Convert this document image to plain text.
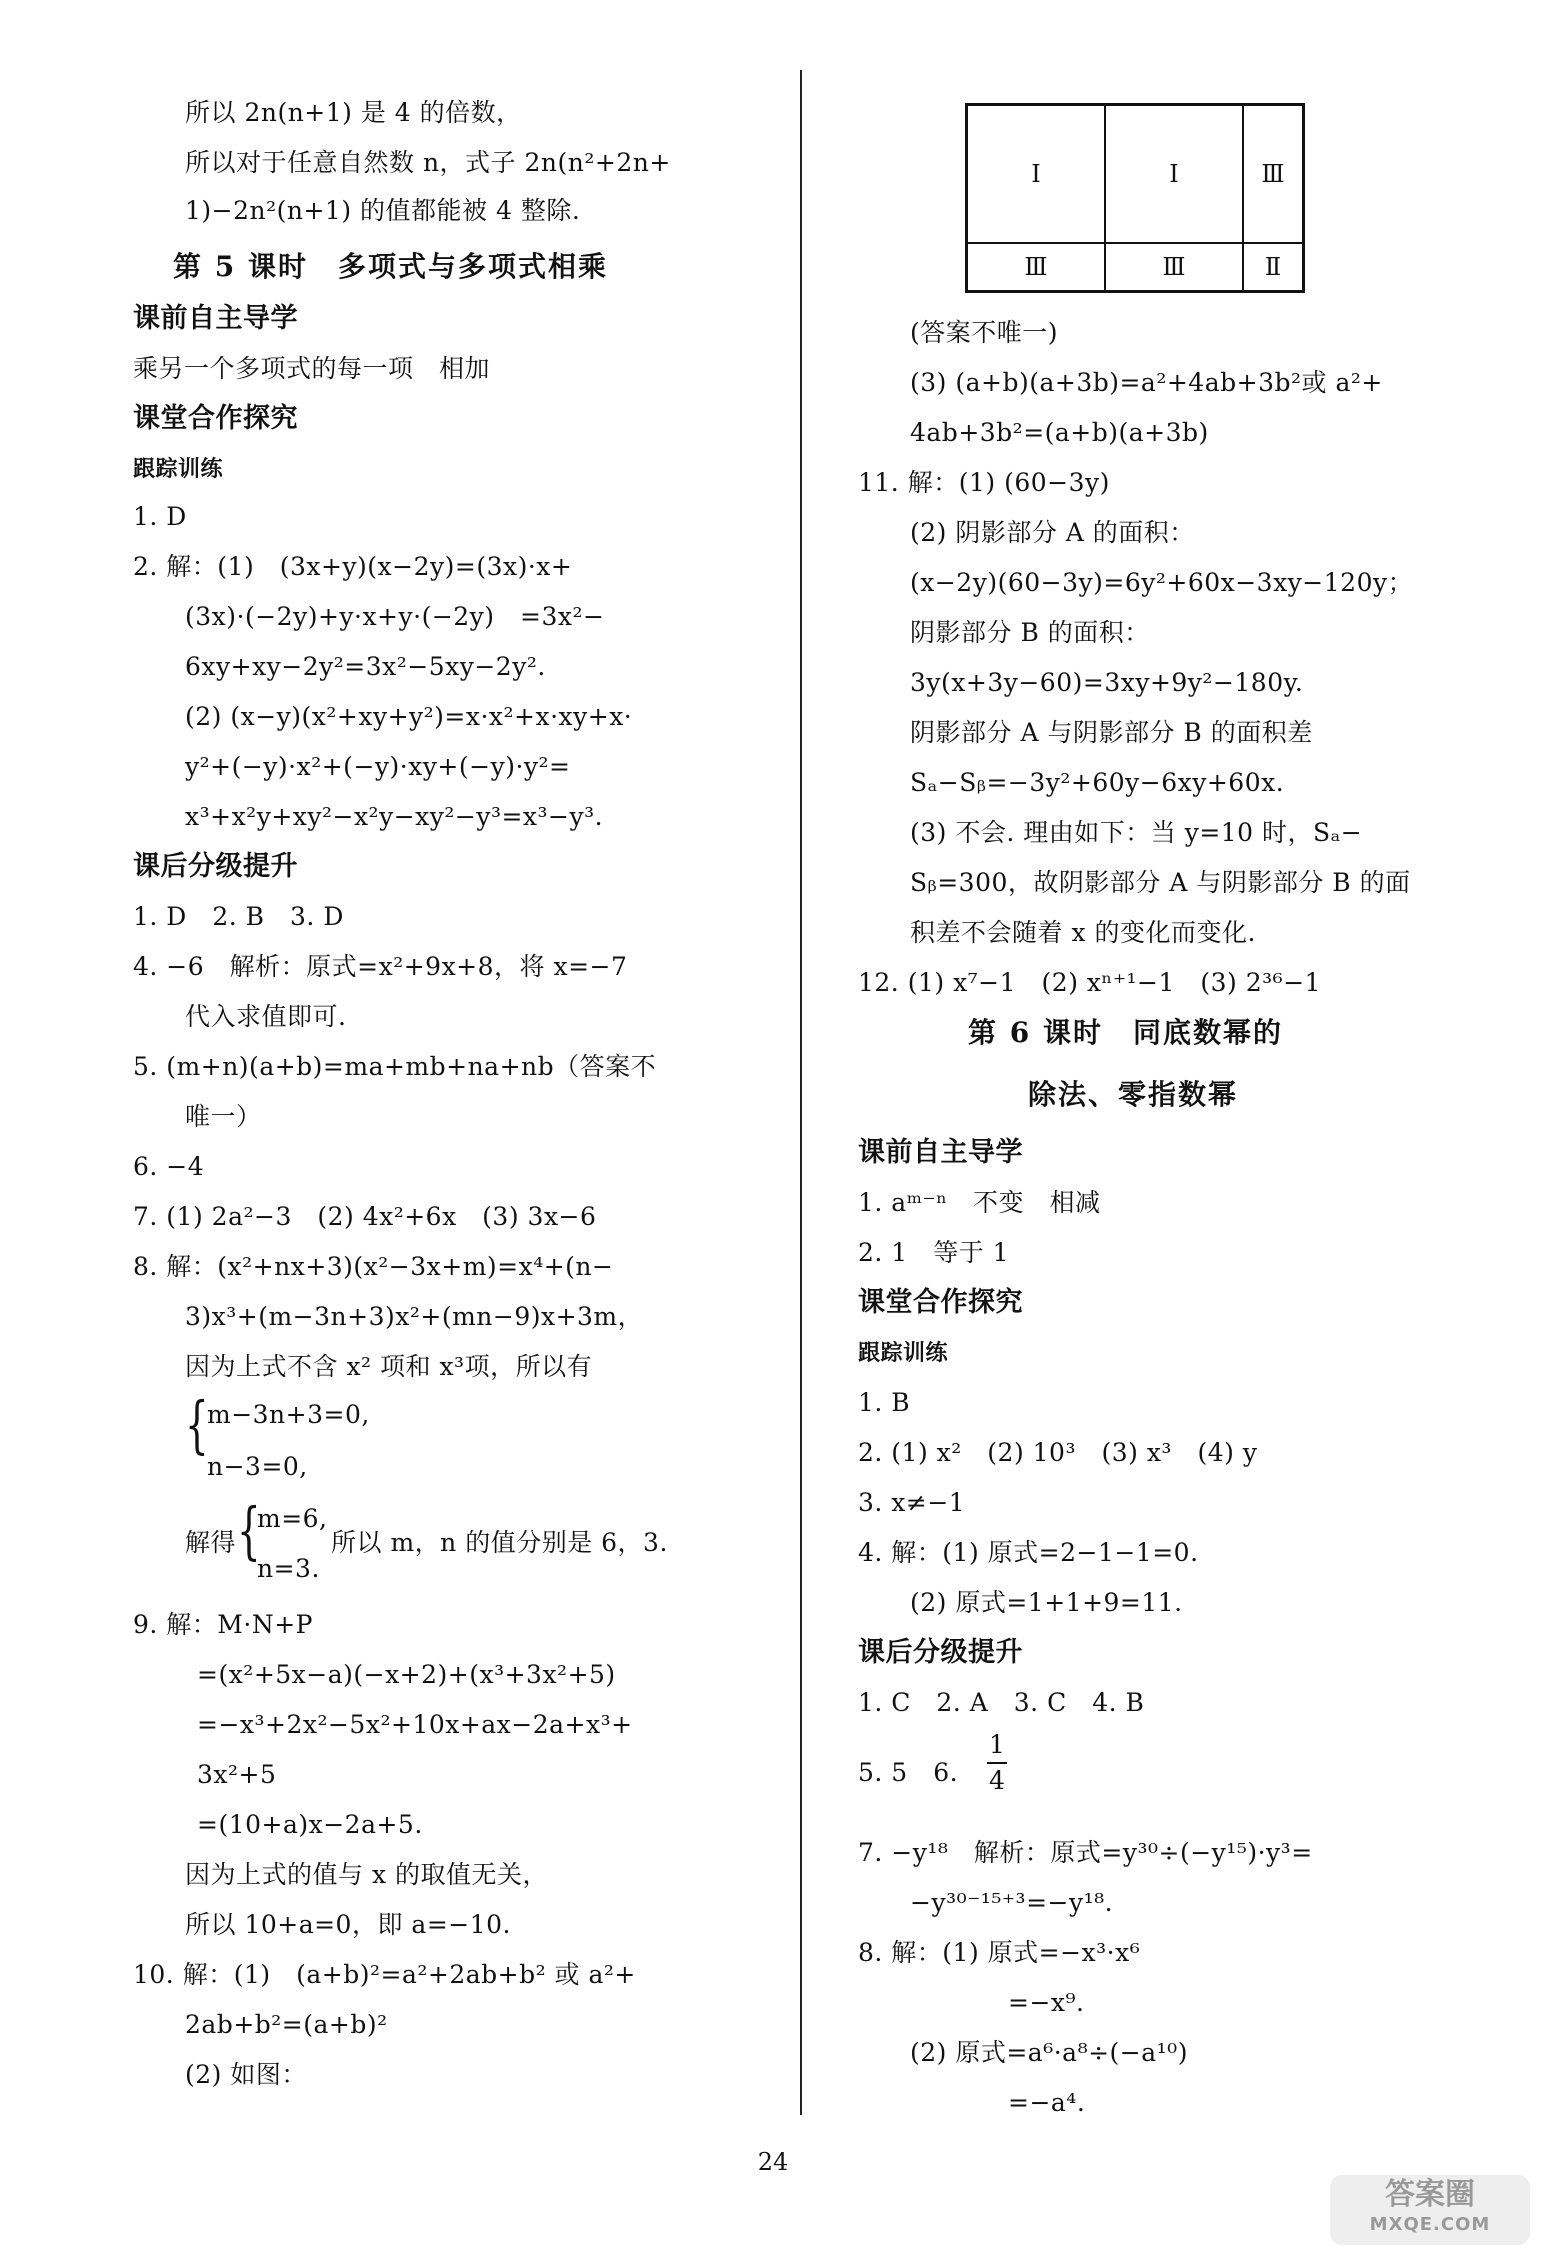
所以 2n(n+1) 是 4 的倍数，
所以对于任意自然数 n，式子 2n(n²+2n+
1)−2n²(n+1) 的值都能被 4 整除.
第 5 课时　多项式与多项式相乘
课前自主导学
乘另一个多项式的每一项　相加
课堂合作探究
跟踪训练
1. D
2. 解：(1)　(3x+y)(x−2y)=(3x)·x+
(3x)·(−2y)+y·x+y·(−2y)　=3x²−
6xy+xy−2y²=3x²−5xy−2y².
(2) (x−y)(x²+xy+y²)=x·x²+x·xy+x·
y²+(−y)·x²+(−y)·xy+(−y)·y²=
x³+x²y+xy²−x²y−xy²−y³=x³−y³.
课后分级提升
1. D　2. B　3. D
4. −6　解析：原式=x²+9x+8，将 x=−7
代入求值即可.
5. (m+n)(a+b)=ma+mb+na+nb（答案不
唯一）
6. −4
7. (1) 2a²−3　(2) 4x²+6x　(3) 3x−6
8. 解：(x²+nx+3)(x²−3x+m)=x⁴+(n−
3)x³+(m−3n+3)x²+(mn−9)x+3m，
因为上式不含 x² 项和 x³项，所以有
{
m−3n+3=0,
n−3=0,
解得 {
m=6,
n=3.
所以 m，n 的值分别是 6，3.
9. 解：M·N+P
=(x²+5x−a)(−x+2)+(x³+3x²+5)
=−x³+2x²−5x²+10x+ax−2a+x³+
3x²+5
=(10+a)x−2a+5.
因为上式的值与 x 的取值无关，
所以 10+a=0，即 a=−10.
10. 解：(1)　(a+b)²=a²+2ab+b² 或 a²+
2ab+b²=(a+b)²
(2) 如图：
Ⅰ	Ⅰ	Ⅲ
Ⅲ	Ⅲ	Ⅱ
(答案不唯一)
(3) (a+b)(a+3b)=a²+4ab+3b²或 a²+
4ab+3b²=(a+b)(a+3b)
11. 解：(1) (60−3y)
(2) 阴影部分 A 的面积：
(x−2y)(60−3y)=6y²+60x−3xy−120y；
阴影部分 B 的面积：
3y(x+3y−60)=3xy+9y²−180y.
阴影部分 A 与阴影部分 B 的面积差
Sₐ−Sᵦ=−3y²+60y−6xy+60x.
(3) 不会. 理由如下：当 y=10 时，Sₐ−
Sᵦ=300，故阴影部分 A 与阴影部分 B 的面
积差不会随着 x 的变化而变化.
12. (1) x⁷−1　(2) xⁿ⁺¹−1　(3) 2³⁶−1
第 6 课时　同底数幂的
除法、零指数幂
课前自主导学
1. aᵐ⁻ⁿ　不变　相减
2. 1　等于 1
课堂合作探究
跟踪训练
1. B
2. (1) x²　(2) 10³　(3) x³　(4) y
3. x≠−1
4. 解：(1) 原式=2−1−1=0.
(2) 原式=1+1+9=11.
课后分级提升
1. C　2. A　3. C　4. B
5. 5　6.
1
4
7. −y¹⁸　解析：原式=y³⁰÷(−y¹⁵)·y³=
−y³⁰⁻¹⁵⁺³=−y¹⁸.
8. 解：(1) 原式=−x³·x⁶
=−x⁹.
(2) 原式=a⁶·a⁸÷(−a¹⁰)
=−a⁴.
24
答案圈
MXQE.COM
